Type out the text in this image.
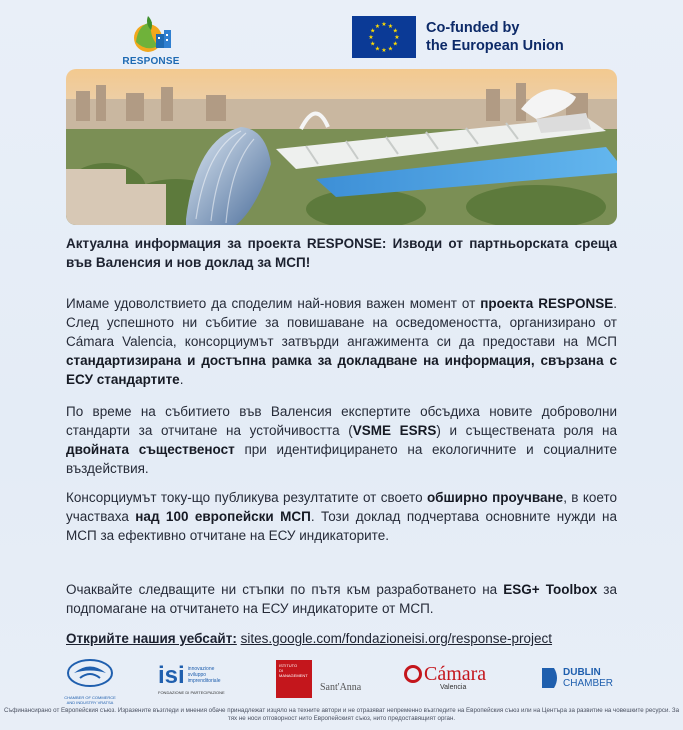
RESPONSE
★ ★
★
★
★
★
★
★
★
★
★
★	Co-funded by
the European Union
Актуална информация за проекта RESPONSE: Изводи от партньорската среща във Валенсия и нов доклад за МСП!
Имаме удоволствието да споделим най-новия важен момент от проекта RESPONSE. След успешното ни събитие за повишаване на осведомеността, организирано от Cámara Valencia, консорциумът затвърди ангажимента си да предостави на МСП стандартизирана и достъпна рамка за докладване на информация, свързана с ЕСУ стандартите.
По време на събитието във Валенсия експертите обсъдиха новите доброволни стандарти за отчитане на устойчивостта (VSME ESRS) и съществената роля на двойната същественост при идентифицирането на екологичните и социалните въздействия.
Консорциумът току-що публикува резултатите от своето обширно проучване, в което участваха над 100 европейски МСП. Този доклад подчертава основните нужди на МСП за ефективно отчитане на ЕСУ индикаторите.
Очаквайте следващите ни стъпки по пътя към разработването на ESG+ Toolbox за подпомагане на отчитането на ЕСУ индикаторите от МСП.
Открийте нашия уебсайт: sites.google.com/fondazioneisi.org/response-project
CHAMBER OF COMMERCE AND INDUSTRY VRATSA
isi innovazione
sviluppo
imprenditoriale
FONDAZIONE DI PARTECIPAZIONE
ISTITUTO
DI MANAGEMENT
Sant'Anna
Cámara
Valencia
DUBLIN
CHAMBER
Съфинансирано от Европейския съюз. Изразените възгледи и мнения обаче принадлежат изцяло на техните автори и не отразяват непременно възгледите на Европейския съюз или на Центъра за развитие на човешките ресурси. За тях не носи отговорност нито Европейският съюз, нито предоставящият орган.
